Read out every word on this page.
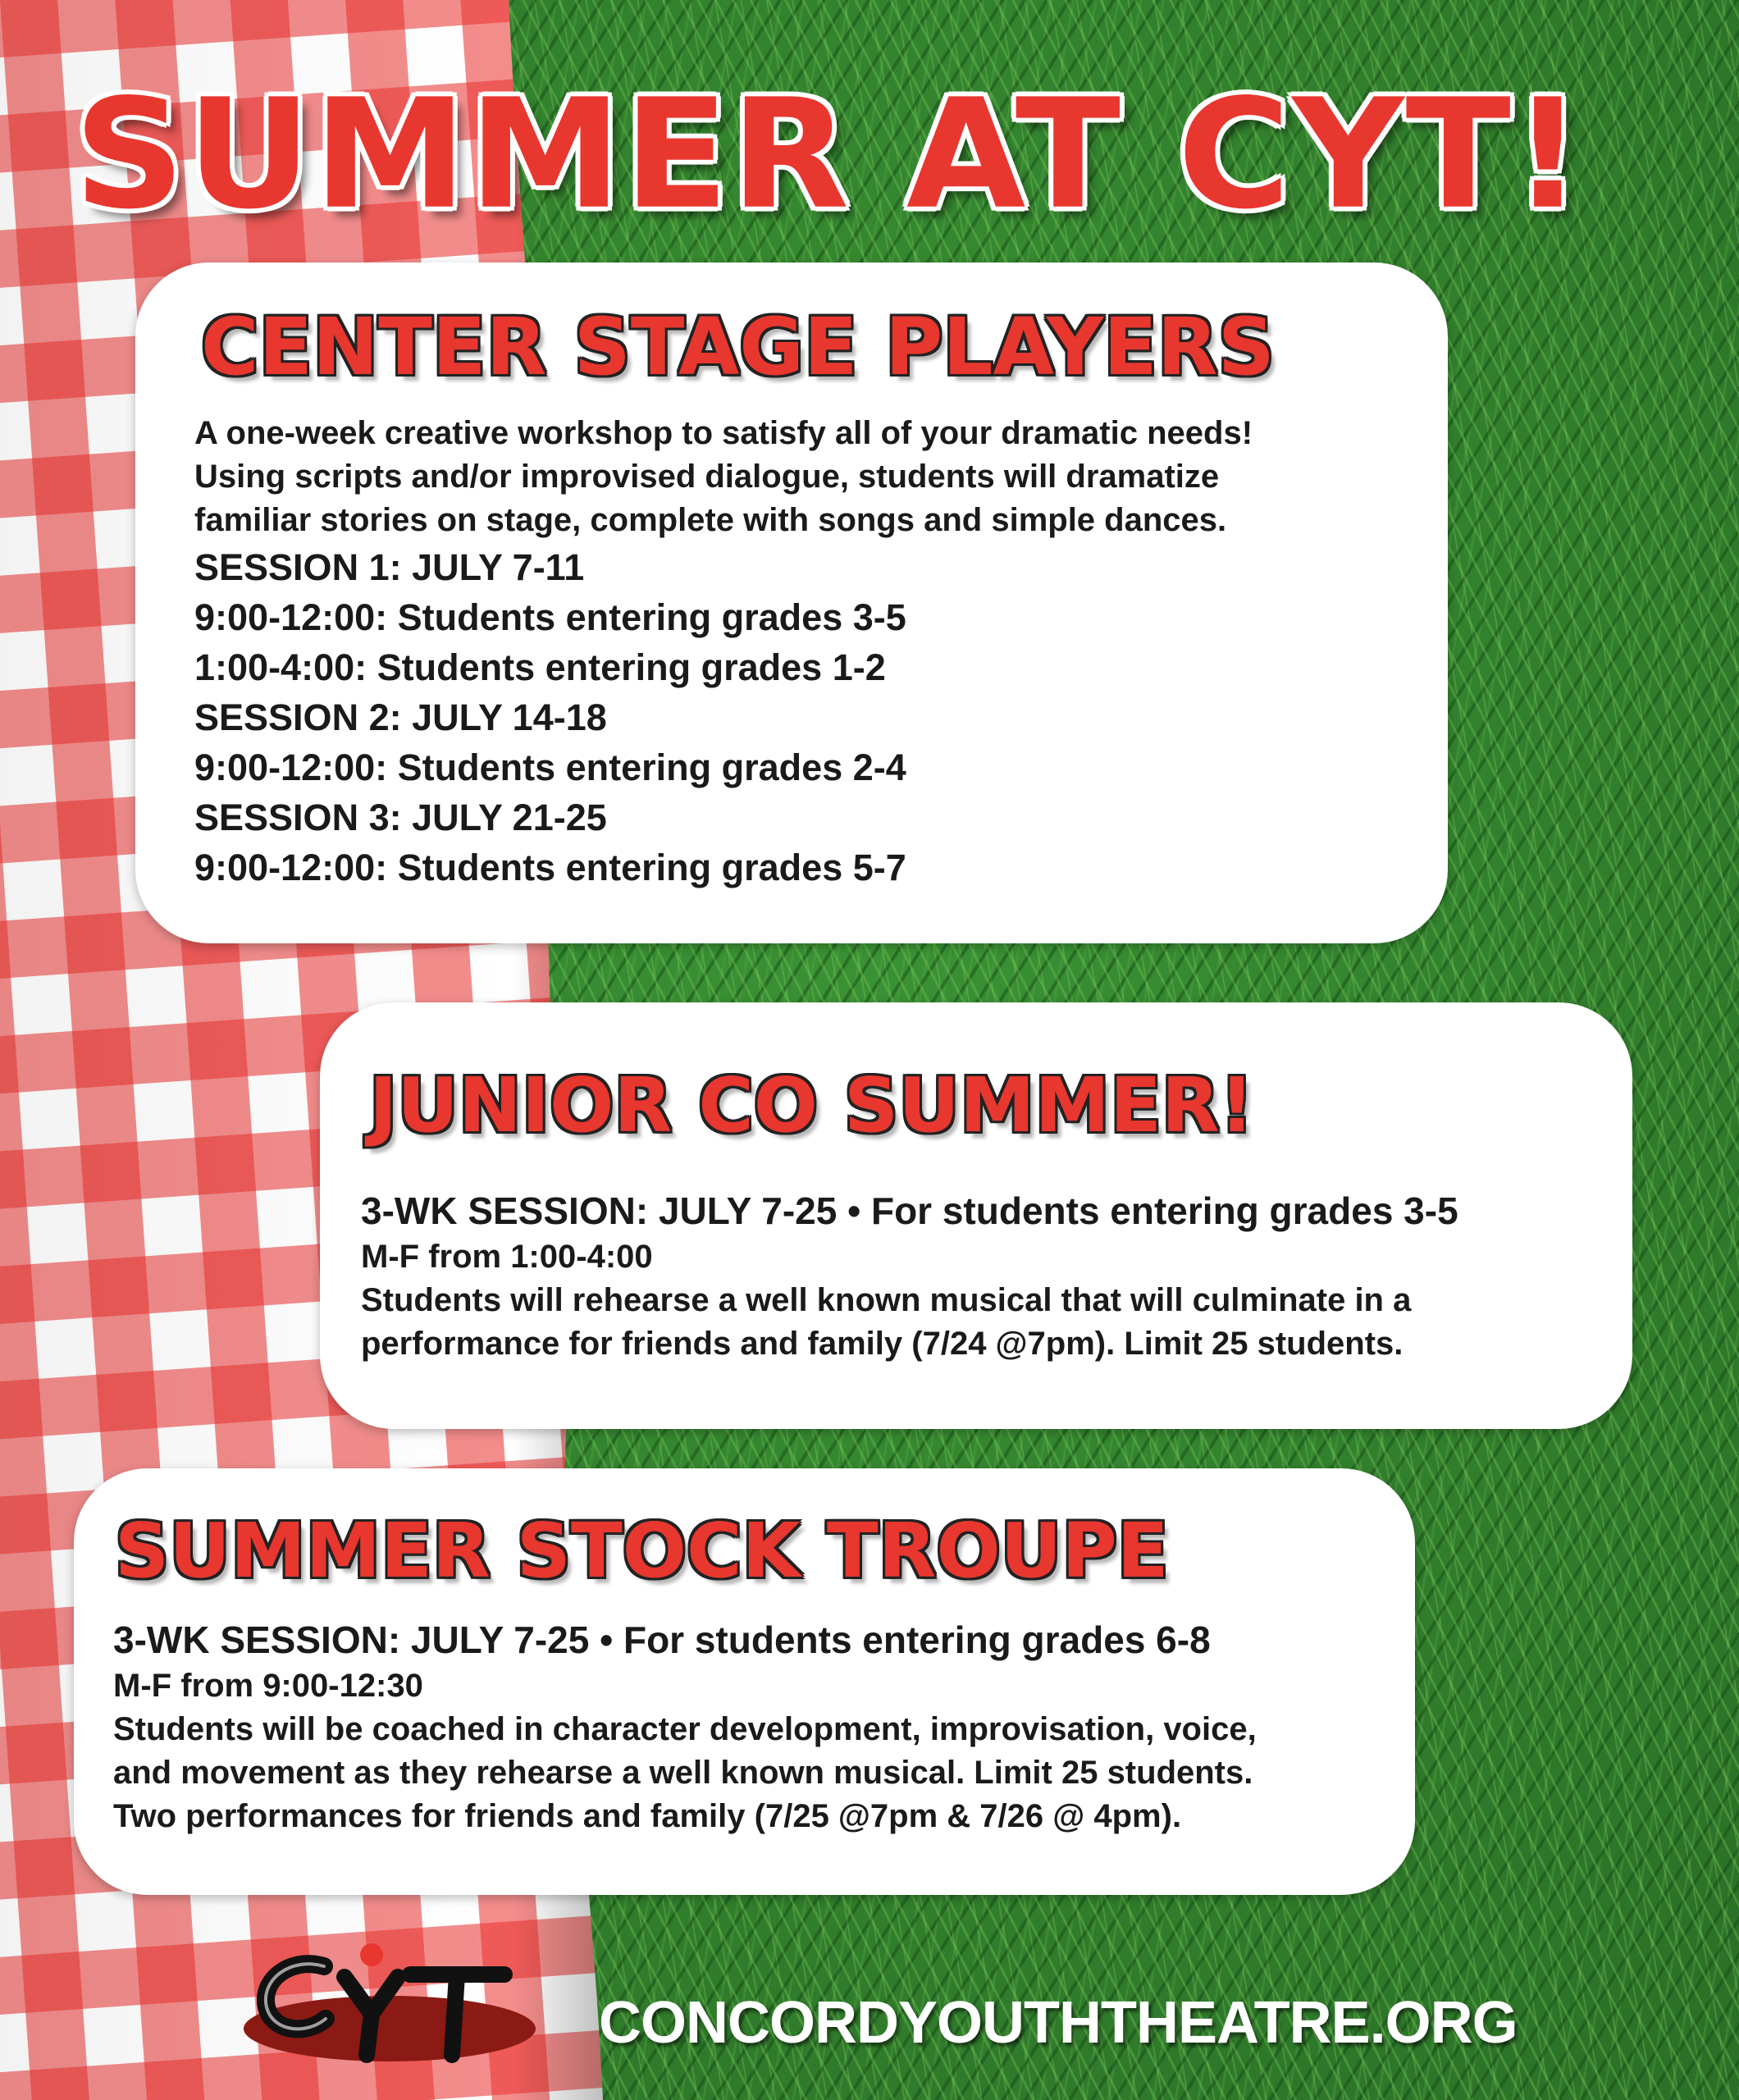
SUMMER AT CYT!
CENTER STAGE PLAYERS

A one-week creative workshop to satisfy all of your dramatic needs!

Using scripts and/or improvised dialogue, students will dramatize

familiar stories on stage, complete with songs and simple dances.

SESSION 1: JULY 7-11

9:00-12:00: Students entering grades 3-5

1:00-4:00: Students entering grades 1-2

SESSION 2: JULY 14-18

9:00-12:00: Students entering grades 2-4

SESSION 3: JULY 21-25

9:00-12:00: Students entering grades 5-7

JUNIOR CO SUMMER!

3-WK SESSION: JULY 7-25 • For students entering grades 3-5

M-F from 1:00-4:00

Students will rehearse a well known musical that will culminate in a

performance for friends and family (7/24 @7pm). Limit 25 students.

SUMMER STOCK TROUPE

3-WK SESSION: JULY 7-25 • For students entering grades 6-8

M-F from 9:00-12:30

Students will be coached in character development, improvisation, voice,

and movement as they rehearse a well known musical. Limit 25 students.

Two performances for friends and family (7/25 @7pm & 7/26 @ 4pm).

CONCORDYOUTHTHEATRE.ORG
